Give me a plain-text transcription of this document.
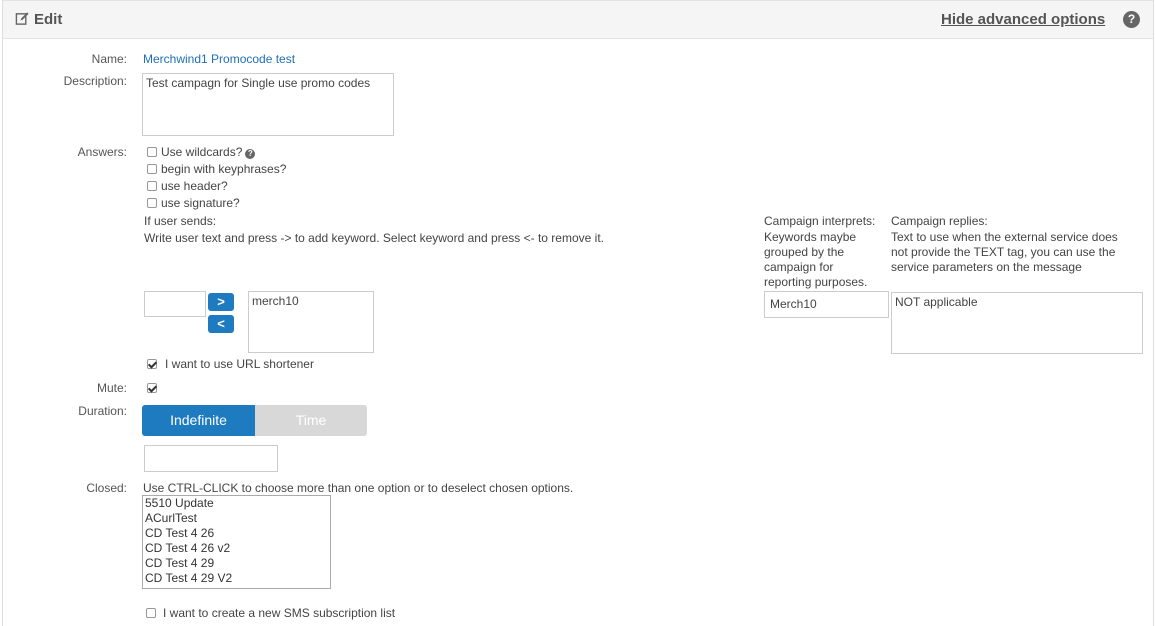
Edit	Hide advanced options	?
Name: Merchwind1 Promocode test
Description:	Test campagn for Single use promo codes
Answers:	Use wildcards? ?
begin with keyphrases?
use header?
use signature?
If user sends:
Write user text and press -> to add keyword. Select keyword and press <- to remove it.
>
<
merch10
I want to use URL shortener
Campaign interprets:
Keywords maybe
grouped by the
campaign for
reporting purposes.
Merch10
Campaign replies:
Text to use when the external service does
not provide the TEXT tag, you can use the
service parameters on the message
NOT applicable
Mute:
Duration:
Indefinite	Time
Closed: Use CTRL-CLICK to choose more than one option or to deselect chosen options.
5510 Update
ACurlTest
CD Test 4 26
CD Test 4 26 v2
CD Test 4 29
CD Test 4 29 V2
I want to create a new SMS subscription list
